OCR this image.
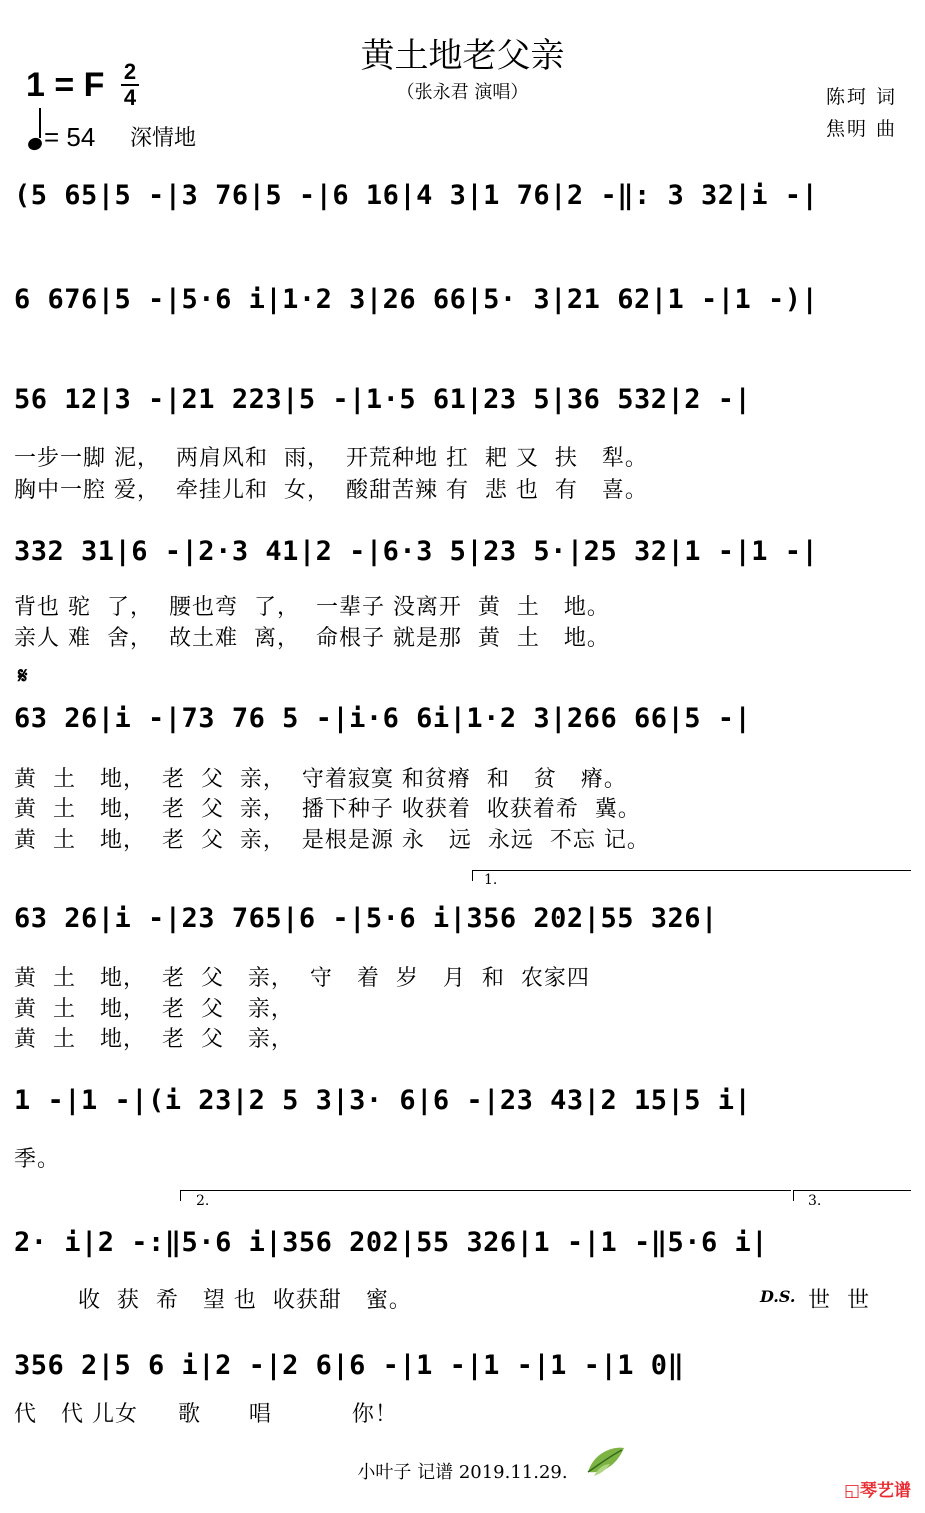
黄土地老父亲
（张永君 演唱）
1 = F 2
4
= 54 深情地
陈珂 词
焦明 曲
(5 65|5 -|3 76|5 -|6 16|4 3|1 76|2 -‖: 3 32|i -|
6 676|5 -|5·6 i|1·2 3|26 66|5· 3|21 62|1 -|1 -)|
56 12|3 -|21 223|5 -|1·5 61|23 5|36 532|2 -|
一步一脚 泥，  两肩风和  雨，  开荒种地 扛  耙 又  扶   犁。
胸中一腔 爱，  牵挂儿和  女，  酸甜苦辣 有  悲 也  有   喜。
332 31|6 -|2·3 41|2 -|6·3 5|23 5·|25 32|1 -|1 -|
背也 驼  了，  腰也弯  了，  一辈子 没离开  黄  土   地。
亲人 难  舍，  故土难  离，  命根子 就是那  黄  土   地。
𝄋
63 26|i -|73 76 5 -|i·6 6i|1·2 3|266 66|5 -|
黄  土   地，  老  父  亲，  守着寂寞 和贫瘠  和   贫   瘠。
黄  土   地，  老  父  亲，  播下种子 收获着  收获着希  冀。
黄  土   地，  老  父  亲，  是根是源 永   远  永远  不忘 记。
1.
63 26|i -|23 765|6 -|5·6 i|356 202|55 326|
黄  土   地，  老  父   亲，  守   着  岁   月  和  农家四
黄  土   地，  老  父   亲，
黄  土   地，  老  父   亲，
1 -|1 -|(i 23|2 5 3|3· 6|6 -|23 43|2 15|5 i|
季。
2.	3.
2· i|2 -:‖5·6 i|356 202|55 326|1 -|1 -‖5·6 i|
收  获  希   望 也  收获甜   蜜。	D.S. 世  世
356 2|5 6 i|2 -|2 6|6 -|1 -|1 -|1 -|1 0‖
代   代 儿女     歌      唱          你！
小叶子 记谱 2019.11.29.
◱琴艺谱
